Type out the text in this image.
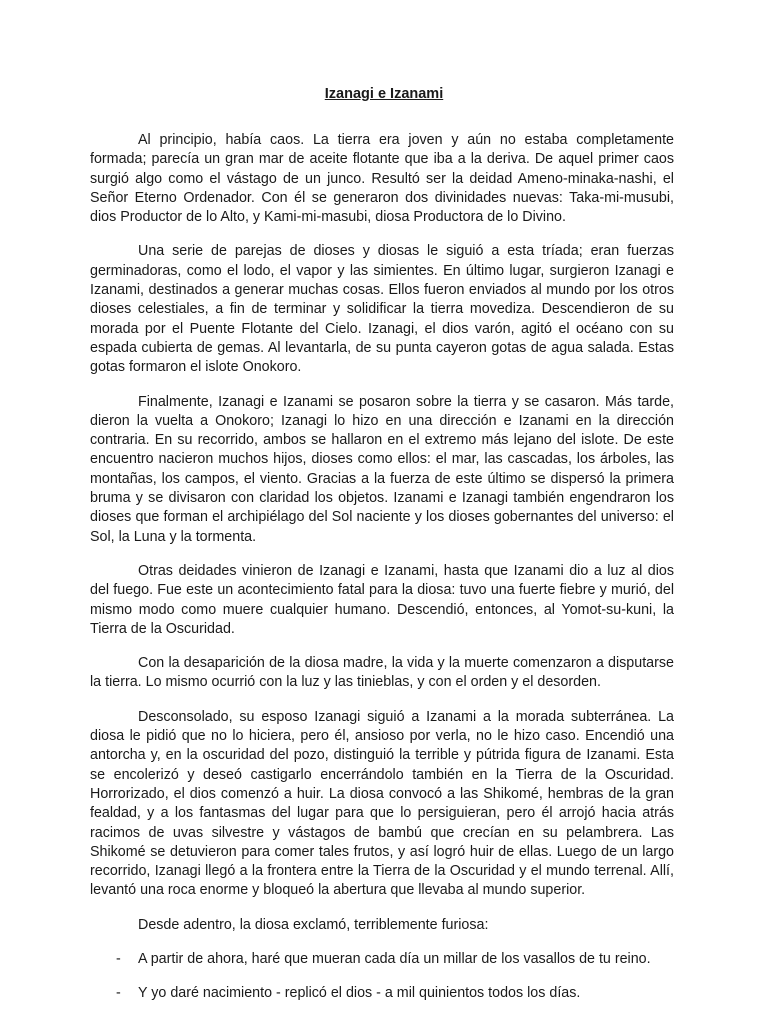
Izanagi e Izanami

Al principio, había caos. La tierra era joven y aún no estaba completamente formada; parecía un gran mar de aceite flotante que iba a la deriva. De aquel primer caos surgió algo como el vástago de un junco. Resultó ser la deidad Ameno-minaka-nashi, el Señor Eterno Ordenador. Con él se generaron dos divinidades nuevas: Taka-mi-musubi, dios Productor de lo Alto, y Kami-mi-masubi, diosa Productora de lo Divino.

Una serie de parejas de dioses y diosas le siguió a esta tríada; eran fuerzas germinadoras, como el lodo, el vapor y las simientes. En último lugar, surgieron Izanagi e Izanami, destinados a generar muchas cosas. Ellos fueron enviados al mundo por los otros dioses celestiales, a fin de terminar y solidificar la tierra movediza. Descendieron de su morada por el Puente Flotante del Cielo. Izanagi, el dios varón, agitó el océano con su espada cubierta de gemas. Al levantarla, de su punta cayeron gotas de agua salada. Estas gotas formaron el islote Onokoro.

Finalmente, Izanagi e Izanami se posaron sobre la tierra y se casaron. Más tarde, dieron la vuelta a Onokoro; Izanagi lo hizo en una dirección e Izanami en la dirección contraria. En su recorrido, ambos se hallaron en el extremo más lejano del islote. De este encuentro nacieron muchos hijos, dioses como ellos: el mar, las cascadas, los árboles, las montañas, los campos, el viento. Gracias a la fuerza de este último se dispersó la primera bruma y se divisaron con claridad los objetos. Izanami e Izanagi también engendraron los dioses que forman el archipiélago del Sol naciente y los dioses gobernantes del universo: el Sol, la Luna y la tormenta.

Otras deidades vinieron de Izanagi e Izanami, hasta que Izanami dio a luz al dios del fuego. Fue este un acontecimiento fatal para la diosa: tuvo una fuerte fiebre y murió, del mismo modo como muere cualquier humano. Descendió, entonces, al Yomot-su-kuni, la Tierra de la Oscuridad.

Con la desaparición de la diosa madre, la vida y la muerte comenzaron a disputarse la tierra. Lo mismo ocurrió con la luz y las tinieblas, y con el orden y el desorden.

Desconsolado, su esposo Izanagi siguió a Izanami a la morada subterránea. La diosa le pidió que no lo hiciera, pero él, ansioso por verla, no le hizo caso. Encendió una antorcha y, en la oscuridad del pozo, distinguió la terrible y pútrida figura de Izanami. Esta se encolerizó y deseó castigarlo encerrándolo también en la Tierra de la Oscuridad. Horrorizado, el dios comenzó a huir. La diosa convocó a las Shikomé, hembras de la gran fealdad, y a los fantasmas del lugar para que lo persiguieran, pero él arrojó hacia atrás racimos de uvas silvestre y vástagos de bambú que crecían en su pelambrera. Las Shikomé se detuvieron para comer tales frutos, y así logró huir de ellas. Luego de un largo recorrido, Izanagi llegó a la frontera entre la Tierra de la Oscuridad y el mundo terrenal. Allí, levantó una roca enorme y bloqueó la abertura que llevaba al mundo superior.

Desde adentro, la diosa exclamó, terriblemente furiosa:

- A partir de ahora, haré que mueran cada día un millar de los vasallos de tu reino.
- Y yo daré nacimiento - replicó el dios - a mil quinientos todos los días.
